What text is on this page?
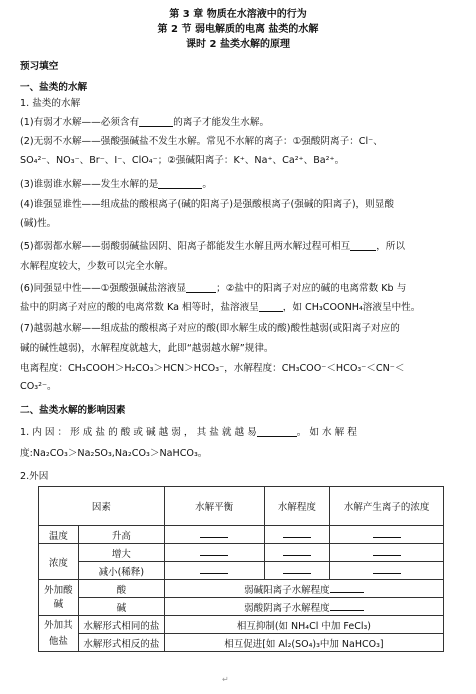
第 3 章 物质在水溶液中的行为
第 2 节 弱电解质的电离 盐类的水解
课时 2 盐类水解的原理
预习填空
一、盐类的水解
1. 盐类的水解
(1)有弱才水解——必须含有	的离子才能发生水解。
(2)无弱不水解——强酸强碱盐不发生水解。常见不水解的离子：①强酸阴离子：Cl⁻、
SO₄²⁻、NO₃⁻、Br⁻、I⁻、ClO₄⁻；②强碱阳离子：K⁺、Na⁺、Ca²⁺、Ba²⁺。
(3)谁弱谁水解——发生水解的是	。
(4)谁强显谁性——组成盐的酸根离子(碱的阳离子)是强酸根离子(强碱的阳离子)，则显酸
(碱)性。
(5)都弱都水解——弱酸弱碱盐因阴、阳离子都能发生水解且两水解过程可相互	，所以
水解程度较大，少数可以完全水解。
(6)同强显中性——①强酸强碱盐溶液显	；②盐中的阳离子对应的碱的电离常数 Kb 与
盐中的阴离子对应的酸的电离常数 Ka 相等时，盐溶液呈	，如 CH₃COONH₄溶液呈中性。
(7)越弱越水解——组成盐的酸根离子对应的酸(即水解生成的酸)酸性越弱(或阳离子对应的
碱的碱性越弱)，水解程度就越大，此即“越弱越水解”规律。
电离程度：CH₃COOH＞H₂CO₃＞HCN＞HCO₃⁻，水解程度：CH₃COO⁻＜HCO₃⁻＜CN⁻＜
CO₃²⁻。
二、盐类水解的影响因素
1. 内 因 ： 形 成 盐 的 酸 或 碱 越 弱 ， 其 盐 就 越 易	。 如 水 解 程
度:Na₂CO₃＞Na₂SO₃,Na₂CO₃＞NaHCO₃。
2.外因
因素		水解平衡	水解程度	水解产生离子的浓度
温度	升高			
浓度	增大			
	减小(稀释)			
外加酸碱	酸	弱碱阳离子水解程度		
	碱	弱酸阴离子水解程度		
外加其他盐	水解形式相同的盐	相互抑制(如 NH₄Cl 中加 FeCl₃)		
	水解形式相反的盐	相互促进[如 Al₂(SO₄)₃中加 NaHCO₃]		
↵
